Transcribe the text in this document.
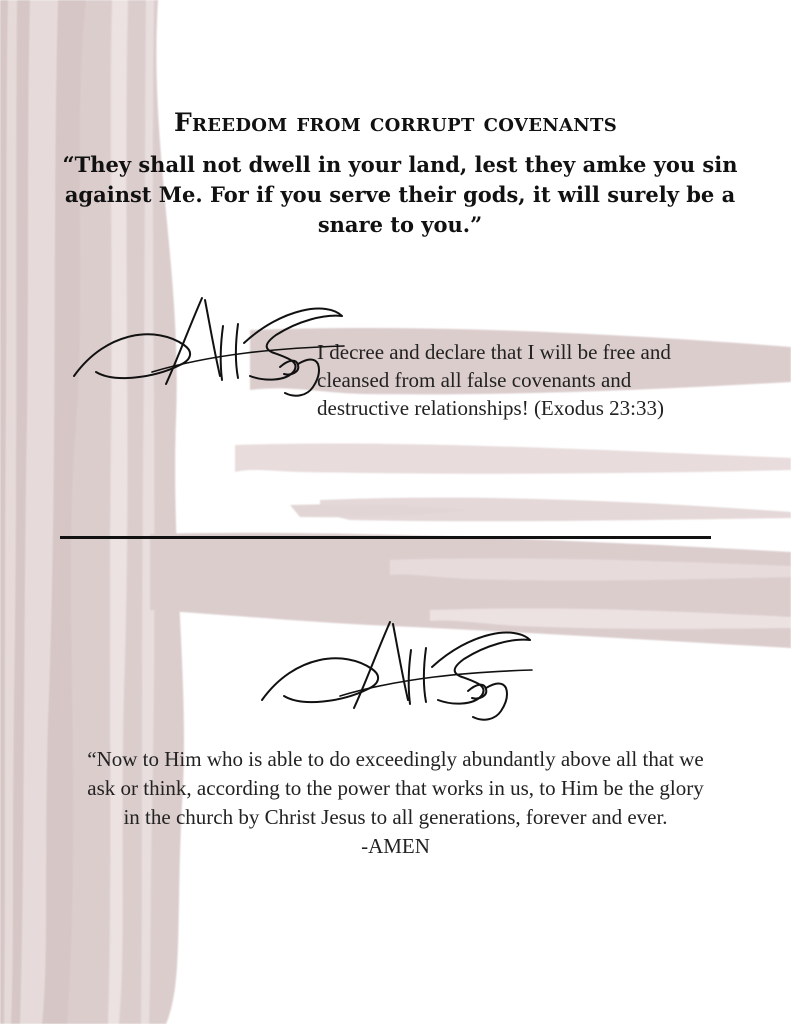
Freedom from corrupt covenants
“They shall not dwell in your land, lest they amke you sin against Me. For if you serve their gods, it will surely be a snare to you.”
I decree and declare that I will be free and cleansed from all false covenants and destructive relationships! (Exodus 23:33)
“Now to Him who is able to do exceedingly abundantly above all that we ask or think, according to the power that works in us, to Him be the glory in the church by Christ Jesus to all generations, forever and ever.
-AMEN
